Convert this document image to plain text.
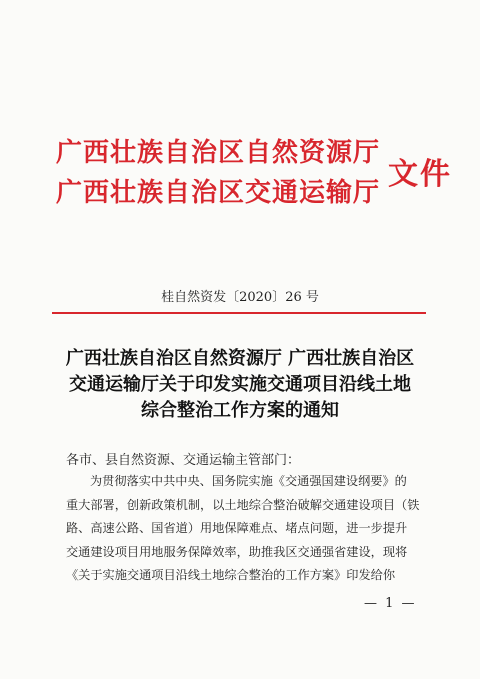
广西壮族自治区自然资源厅
广西壮族自治区交通运输厅
文件
桂自然资发〔2020〕26 号
广西壮族自治区自然资源厅 广西壮族自治区
交通运输厅关于印发实施交通项目沿线土地
综合整治工作方案的通知
各市、县自然资源、交通运输主管部门：
为贯彻落实中共中央、国务院实施《交通强国建设纲要》的
重大部署，创新政策机制，以土地综合整治破解交通建设项目（铁
路、高速公路、国省道）用地保障难点、堵点问题，进一步提升
交通建设项目用地服务保障效率，助推我区交通强省建设，现将
《关于实施交通项目沿线土地综合整治的工作方案》印发给你
— 1 —
